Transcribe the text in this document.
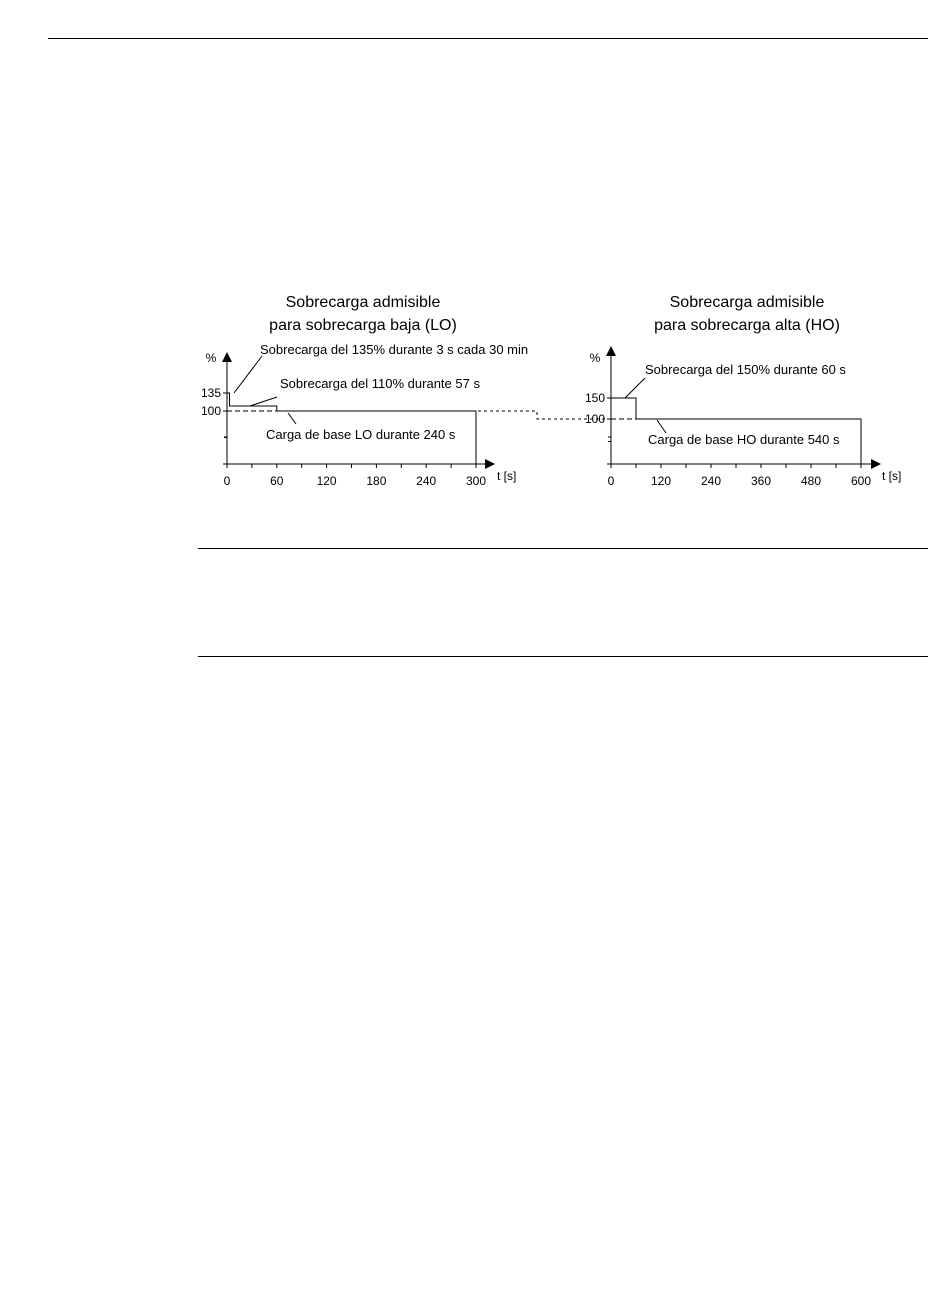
Sobrecarga admisible
para sobrecarga baja (LO)
%
t [s]
0	60	120 180 240 300
100
135
Sobrecarga del 135% durante 3 s cada 30 min
Sobrecarga del 110% durante 57 s
Carga de base LO durante 240 s
Sobrecarga admisible
para sobrecarga alta (HO)
%
t [s]
0	120 240 360 480 600
100
150
Sobrecarga del 150% durante 60 s
Carga de base HO durante 540 s
